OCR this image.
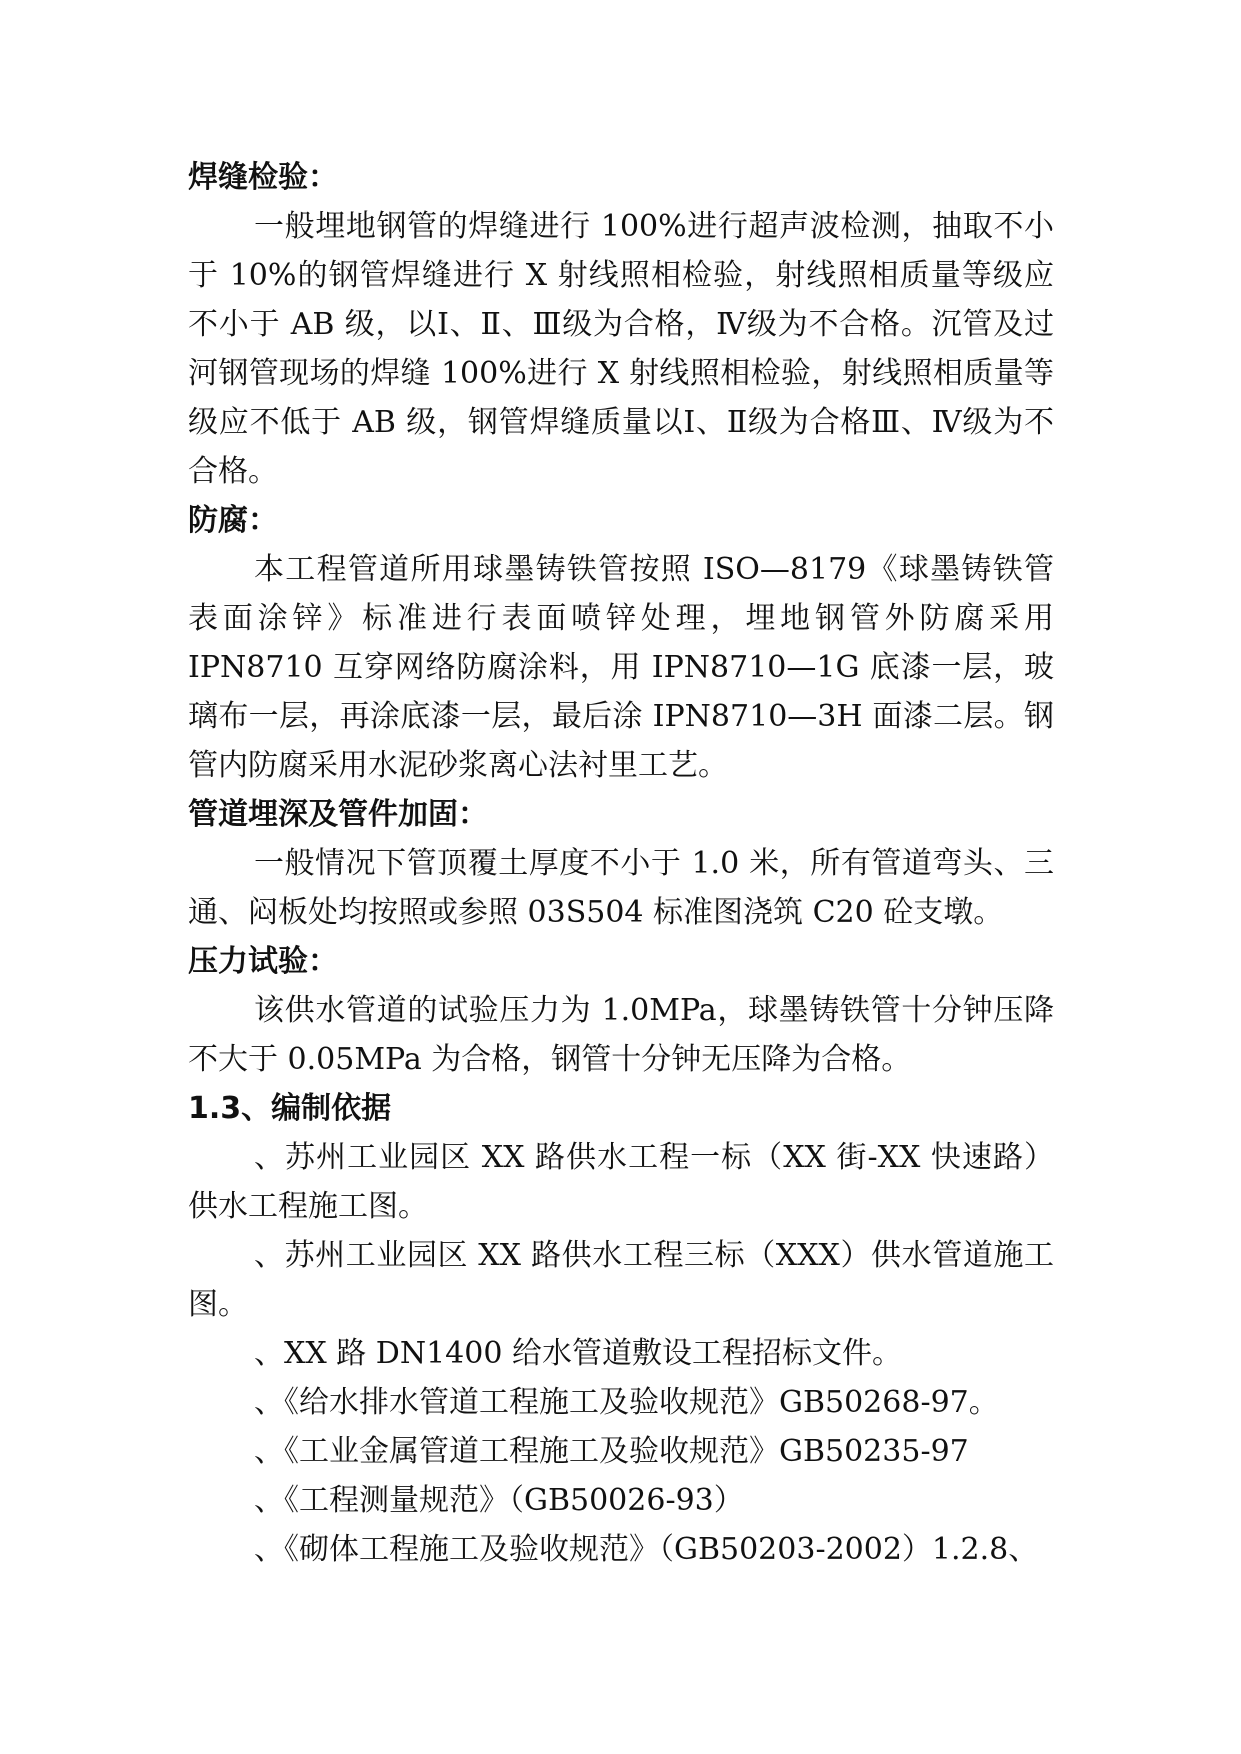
焊缝检验：

一般埋地钢管的焊缝进行 100%进行超声波检测，抽取不小于 10%的钢管焊缝进行 X 射线照相检验，射线照相质量等级应不小于 AB 级，以Ⅰ、Ⅱ、Ⅲ级为合格，Ⅳ级为不合格。沉管及过河钢管现场的焊缝 100%进行 X 射线照相检验，射线照相质量等级应不低于 AB 级，钢管焊缝质量以Ⅰ、Ⅱ级为合格Ⅲ、Ⅳ级为不合格。

防腐：

本工程管道所用球墨铸铁管按照 ISO—8179《球墨铸铁管表面涂锌》标准进行表面喷锌处理，埋地钢管外防腐采用 IPN8710 互穿网络防腐涂料，用 IPN8710—1G 底漆一层，玻璃布一层，再涂底漆一层，最后涂 IPN8710—3H 面漆二层。钢管内防腐采用水泥砂浆离心法衬里工艺。

管道埋深及管件加固：

一般情况下管顶覆土厚度不小于 1.0 米，所有管道弯头、三通、闷板处均按照或参照 03S504 标准图浇筑 C20 砼支墩。

压力试验：

该供水管道的试验压力为 1.0MPa，球墨铸铁管十分钟压降不大于 0.05MPa 为合格，钢管十分钟无压降为合格。

1.3、编制依据

、苏州工业园区 XX 路供水工程一标（XX 街-XX 快速路）供水工程施工图。

、苏州工业园区 XX 路供水工程三标（XXX）供水管道施工图。

、XX 路 DN1400 给水管道敷设工程招标文件。

、《给水排水管道工程施工及验收规范》GB50268-97。

、《工业金属管道工程施工及验收规范》GB50235-97

、《工程测量规范》（GB50026-93）

、《砌体工程施工及验收规范》（GB50203-2002）1.2.8、
